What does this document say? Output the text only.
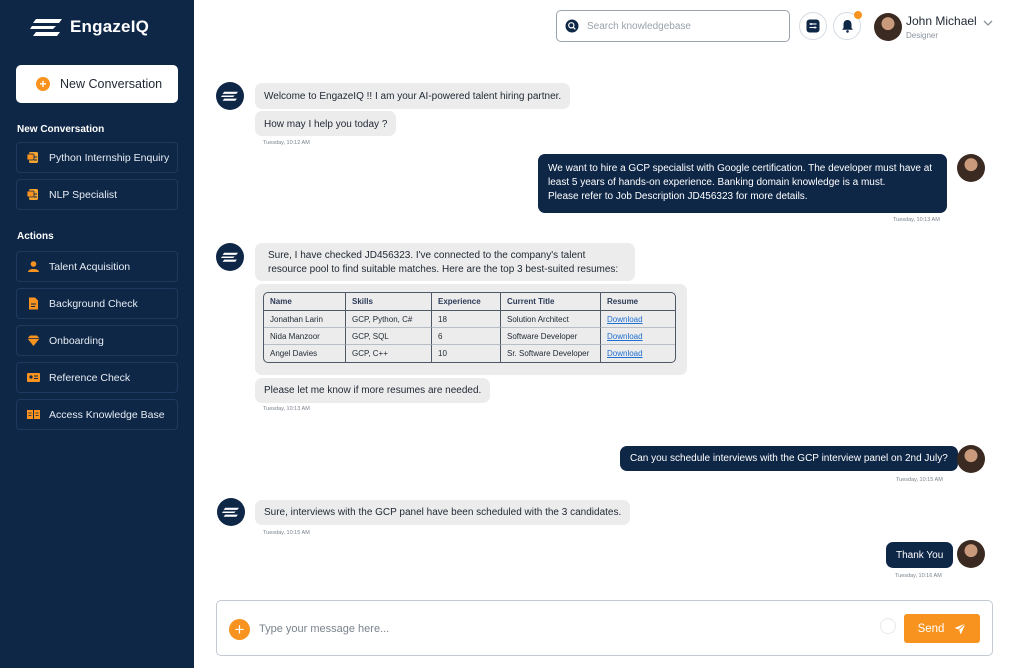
EngazeIQ
+ New Conversation
New Conversation
Python Internship Enquiry
NLP Specialist
Actions
Talent Acquisition
Background Check
Onboarding
Reference Check
Access Knowledge Base
Search knowledgebase
John Michael
Designer
Welcome to EngazeIQ !! I am your AI-powered talent hiring partner.
How may I help you today ?
Tuesday, 10:12 AM
We want to hire a GCP specialist with Google certification. The developer must have at least 5 years of hands-on experience. Banking domain knowledge is a must.
Please refer to Job Description JD456323 for more details.
Tuesday, 10:13 AM
Sure, I have checked JD456323. I've connected to the company's talent resource pool to find suitable matches. Here are the top 3 best-suited resumes:
Name	Skills	Experience	Current Title	Resume
Jonathan Larin	GCP, Python, C#	18	Solution Architect	Download
Nida Manzoor	GCP, SQL	6	Software Developer	Download
Angel Davies	GCP, C++	10	Sr. Software Developer	Download
Please let me know if more resumes are needed.
Tuesday, 10:13 AM
Can you schedule interviews with the GCP interview panel on 2nd July?
Tuesday, 10:15 AM
Sure, interviews with the GCP panel have been scheduled with the 3 candidates.
Tuesday, 10:15 AM
Thank You
Tuesday, 10:16 AM
+
Type your message here...	Send
